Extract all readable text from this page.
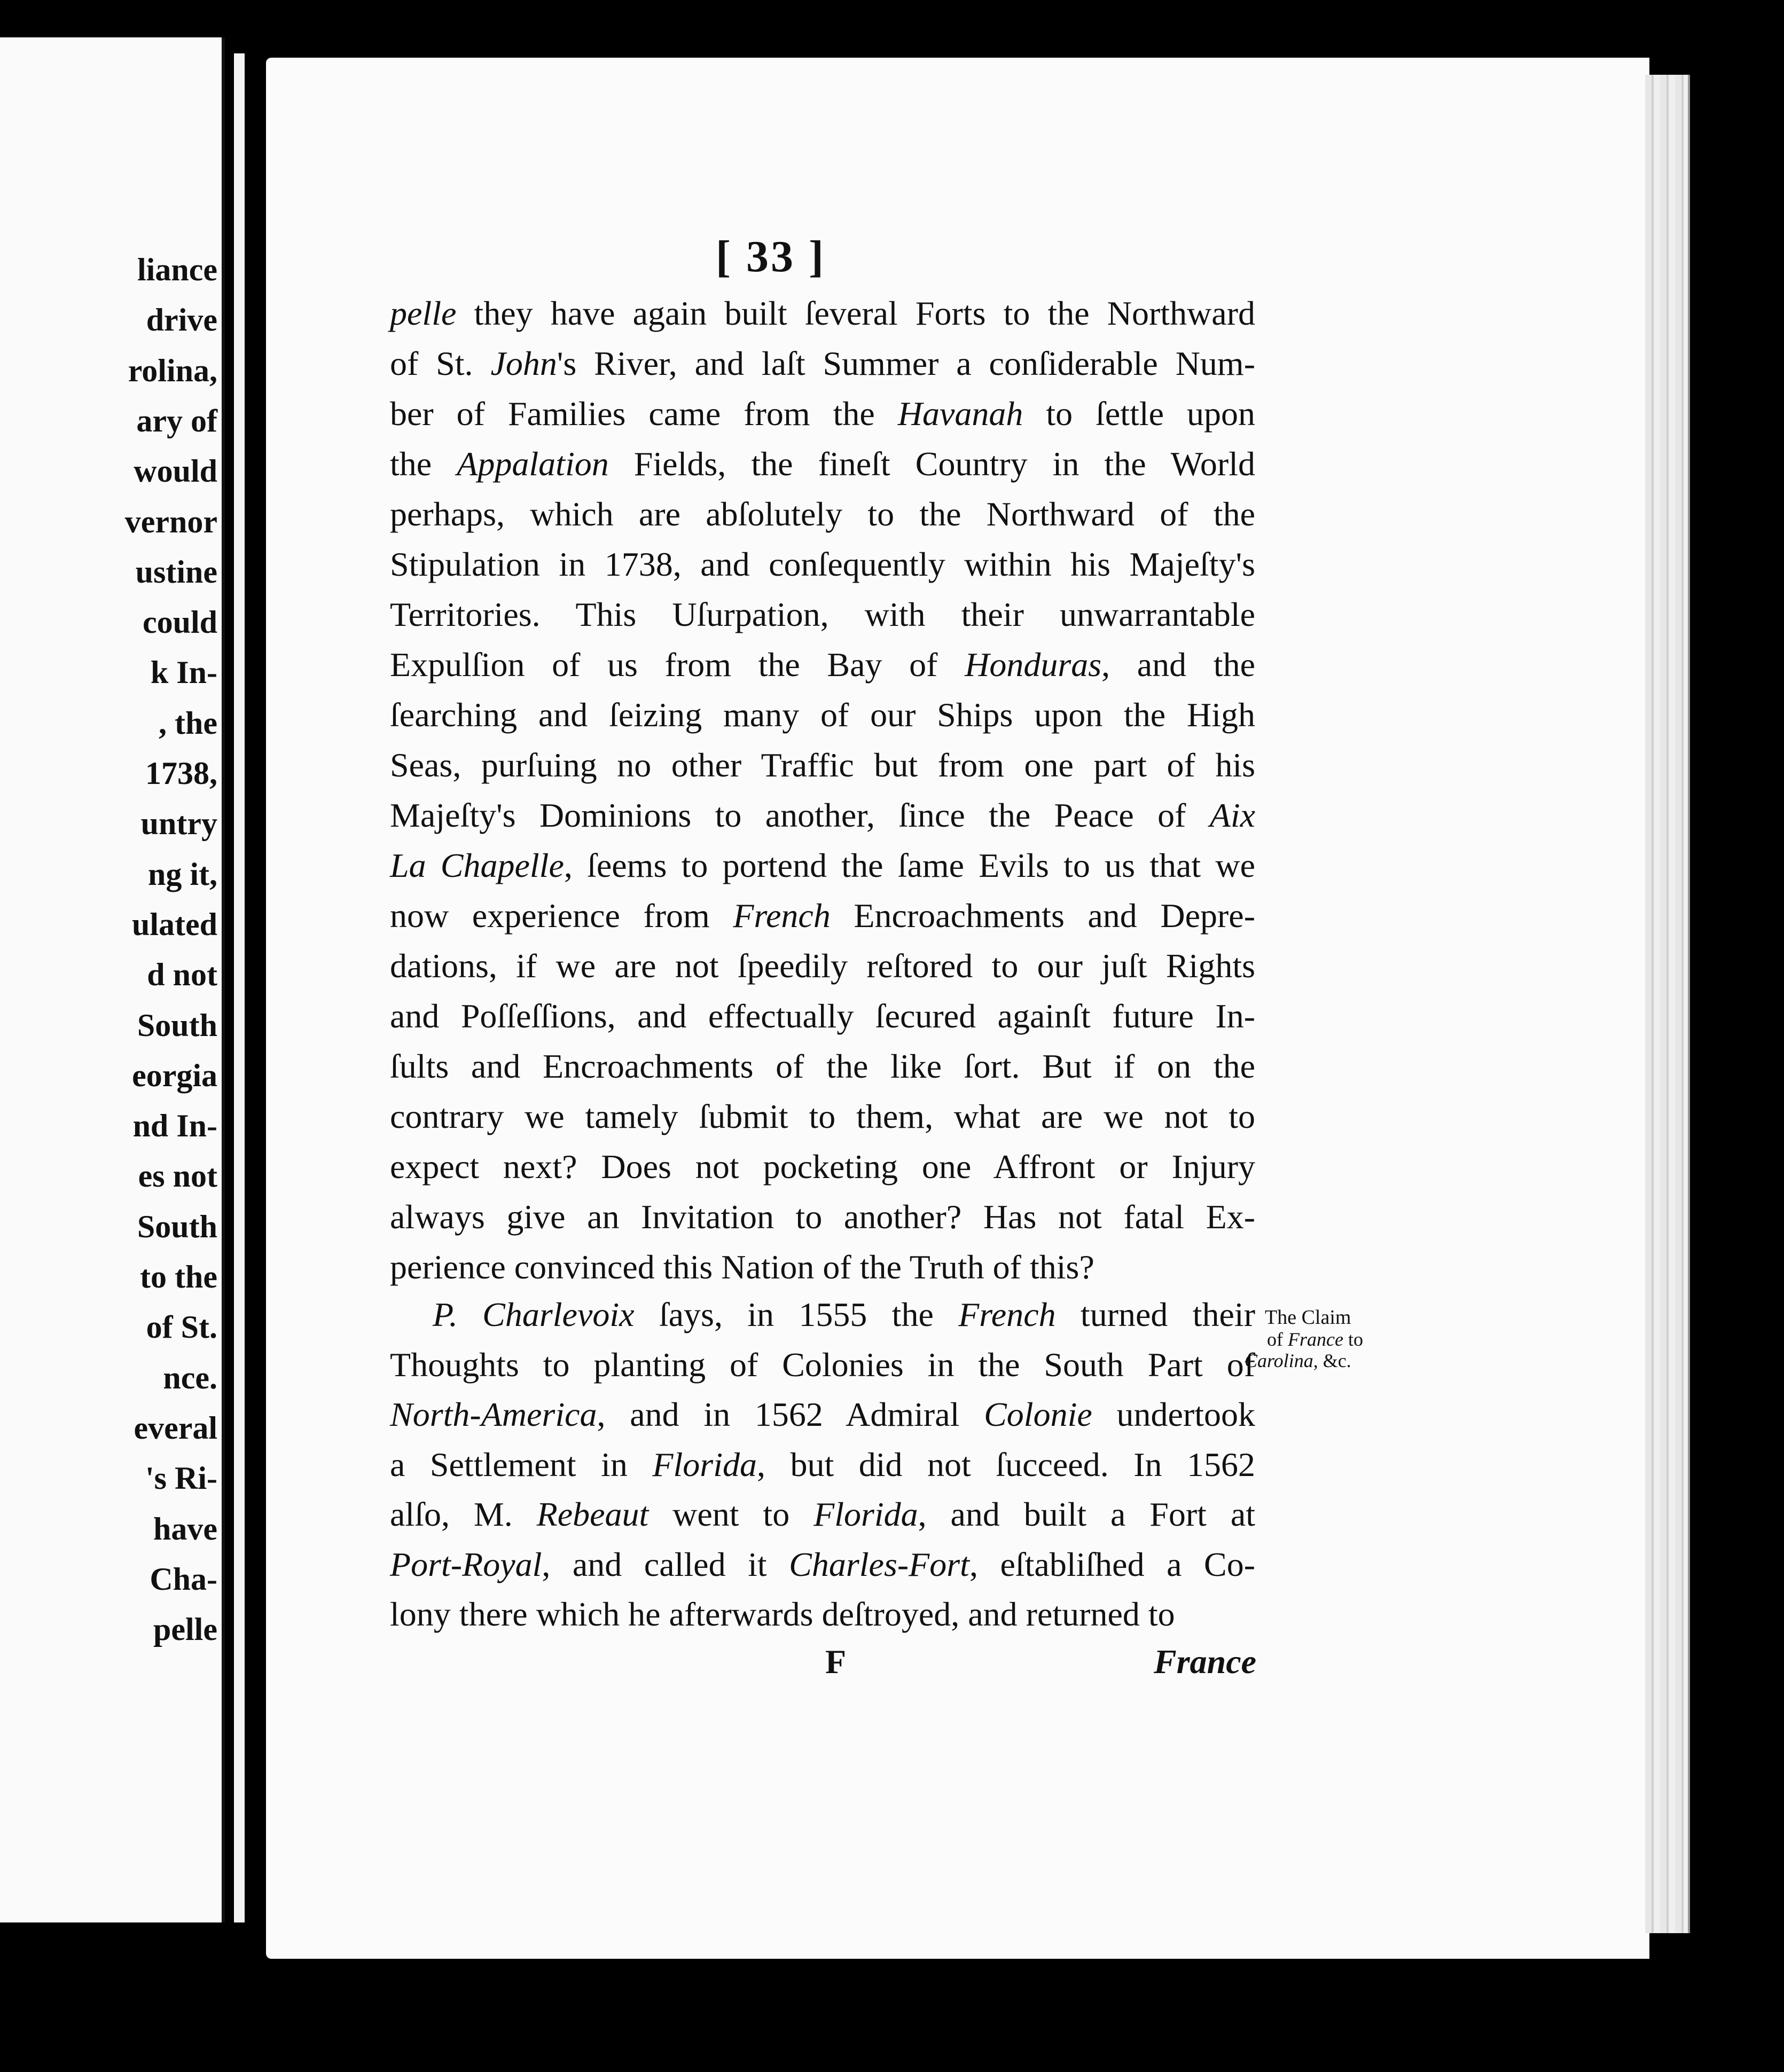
liance
drive
rolina,
ary of
would
vernor
ustine
could
k In-
, the
1738,
untry
ng it,
ulated
d not
South
eorgia
nd In-
es not
South
to the
of St.
nce.
everal
's Ri-
have
Cha-
pelle
[ 33 ]
pelle they have again built ſeveral Forts to the Northward
of St. John's River, and laſt Summer a conſiderable Num-
ber of Families came from the Havanah to ſettle upon
the Appalation Fields, the fineſt Country in the World
perhaps, which are abſolutely to the Northward of the
Stipulation in 1738, and conſequently within his Majeſty's
Territories. This Uſurpation, with their unwarrantable
Expulſion of us from the Bay of Honduras, and the
ſearching and ſeizing many of our Ships upon the High
Seas, purſuing no other Traffic but from one part of his
Majeſty's Dominions to another, ſince the Peace of Aix
La Chapelle, ſeems to portend the ſame Evils to us that we
now experience from French Encroachments and Depre-
dations, if we are not ſpeedily reſtored to our juſt Rights
and Poſſeſſions, and effectually ſecured againſt future In-
ſults and Encroachments of the like ſort. But if on the
contrary we tamely ſubmit to them, what are we not to
expect next? Does not pocketing one Affront or Injury
always give an Invitation to another? Has not fatal Ex-
perience convinced this Nation of the Truth of this?
P. Charlevoix ſays, in 1555 the French turned their
Thoughts to planting of Colonies in the South Part of
North-America, and in 1562 Admiral Colonie undertook
a Settlement in Florida, but did not ſucceed. In 1562
alſo, M. Rebeaut went to Florida, and built a Fort at
Port-Royal, and called it Charles-Fort, eſtabliſhed a Co-
lony there which he afterwards deſtroyed, and returned to
The Claim
of France to
Carolina, &c.
F	France
